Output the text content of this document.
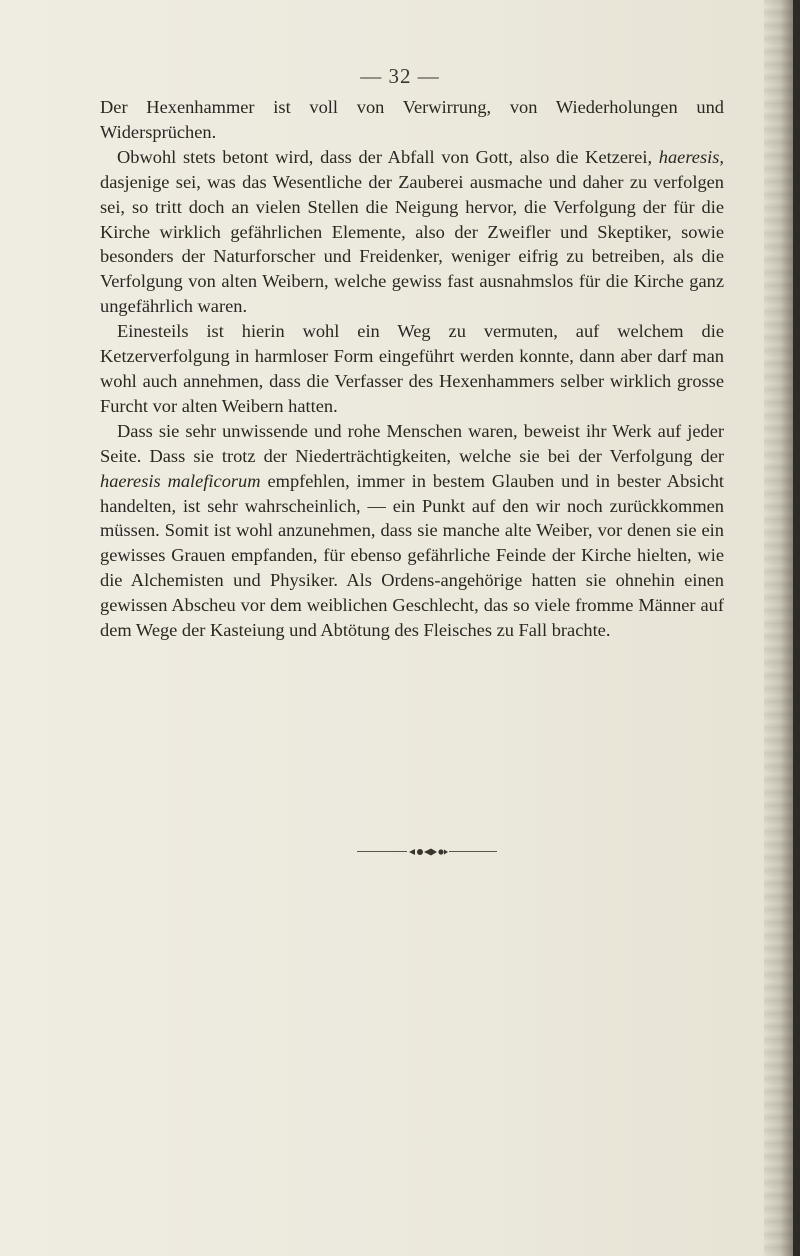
— 32 —

Der Hexenhammer ist voll von Verwirrung, von Wiederholungen und Widersprüchen.

Obwohl stets betont wird, dass der Abfall von Gott, also die Ketzerei, haeresis, dasjenige sei, was das Wesentliche der Zauberei ausmache und daher zu verfolgen sei, so tritt doch an vielen Stellen die Neigung hervor, die Verfolgung der für die Kirche wirklich gefährlichen Elemente, also der Zweifler und Skeptiker, sowie besonders der Naturforscher und Freidenker, weniger eifrig zu betreiben, als die Verfolgung von alten Weibern, welche gewiss fast ausnahmslos für die Kirche ganz ungefährlich waren.

Einesteils ist hierin wohl ein Weg zu vermuten, auf welchem die Ketzerverfolgung in harmloser Form eingeführt werden konnte, dann aber darf man wohl auch annehmen, dass die Verfasser des Hexenhammers selber wirklich grosse Furcht vor alten Weibern hatten.

Dass sie sehr unwissende und rohe Menschen waren, beweist ihr Werk auf jeder Seite. Dass sie trotz der Niederträchtigkeiten, welche sie bei der Verfolgung der haeresis maleficorum empfehlen, immer in bestem Glauben und in bester Absicht handelten, ist sehr wahrscheinlich, — ein Punkt auf den wir noch zurückkommen müssen. Somit ist wohl anzunehmen, dass sie manche alte Weiber, vor denen sie ein gewisses Grauen empfanden, für ebenso gefährliche Feinde der Kirche hielten, wie die Alchemisten und Physiker. Als Ordens-angehörige hatten sie ohnehin einen gewissen Abscheu vor dem weiblichen Geschlecht, das so viele fromme Männer auf dem Wege der Kasteiung und Abtötung des Fleisches zu Fall brachte.
